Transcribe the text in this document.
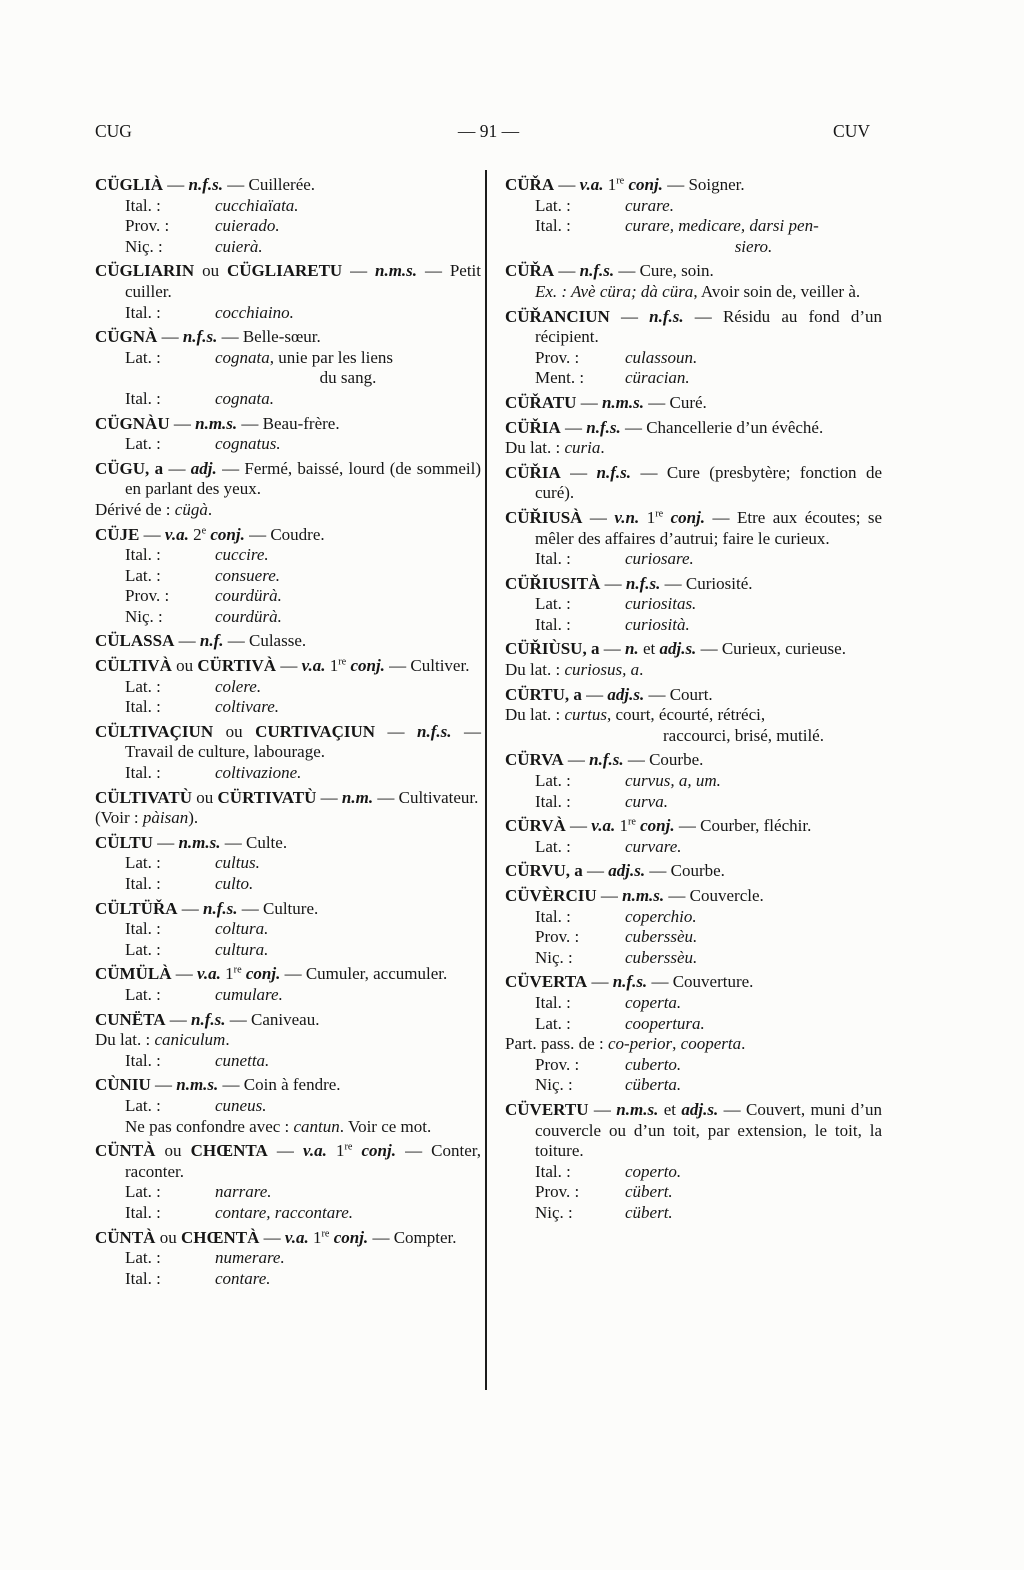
CUG	— 91 —	CUV

CÜGLIÀ — n.f.s. — Cuillerée.

Ital. :	cucchiaïata.
Prov. :	cuierado.
Niç. :	cuierà.

CÜGLIARIN ou CÜGLIARETU — n.m.s. — Petit cuiller.

Ital. :	cocchiaino.

CÜGNÀ — n.f.s. — Belle-sœur.

Lat. :	cognata, unie par les liens
du sang.
Ital. :	cognata.

CÜGNÀU — n.m.s. — Beau-frère.

Lat. :	cognatus.

CÜGU, a — adj. — Fermé, baissé, lourd (de sommeil) en parlant des yeux.

Dérivé de : cügà.

CÜJE — v.a. 2e conj. — Coudre.

Ital. :	cuccire.
Lat. :	consuere.
Prov. :	courdürà.
Niç. :	courdürà.

CÜLASSA — n.f. — Culasse.

CÜLTIVÀ ou CÜRTIVÀ — v.a. 1re conj. — Cultiver.

Lat. :	colere.
Ital. :	coltivare.

CÜLTIVAÇIUN ou CURTIVAÇIUN — n.f.s. — Travail de culture, labourage.

Ital. :	coltivazione.

CÜLTIVATÙ ou CÜRTIVATÙ — n.m. — Cultivateur.

(Voir : pàisan).

CÜLTU — n.m.s. — Culte.

Lat. :	cultus.
Ital. :	culto.

CÜLTÜŘA — n.f.s. — Culture.

Ital. :	coltura.
Lat. :	cultura.

CÜMÜLÀ — v.a. 1re conj. — Cumuler, accumuler.

Lat. :	cumulare.

CUNËTA — n.f.s. — Caniveau.

Du lat. : caniculum.

Ital. :	cunetta.

CÙNIU — n.m.s. — Coin à fendre.

Lat. :	cuneus.

Ne pas confondre avec : cantun. Voir ce mot.

CÜNTÀ ou CHŒNTA — v.a. 1re conj. — Conter, raconter.

Lat. :	narrare.
Ital. :	contare, raccontare.

CÜNTÀ ou CHŒNTÀ — v.a. 1re conj. — Compter.

Lat. :	numerare.
Ital. :	contare.

CÜŘA — v.a. 1re conj. — Soigner.

Lat. :	curare.
Ital. :	curare, medicare, darsi pen-
siero.

CÜŘA — n.f.s. — Cure, soin.

Ex. : Avè cüra; dà cüra, Avoir soin de, veiller à.

CÜŘANCIUN — n.f.s. — Résidu au fond d’un récipient.

Prov. :	culassoun.
Ment. :	cüracian.

CÜŘATU — n.m.s. — Curé.

CÜŘIA — n.f.s. — Chancellerie d’un évêché.

Du lat. : curia.

CÜŘIA — n.f.s. — Cure (presbytère; fonction de curé).

CÜŘIUSÀ — v.n. 1re conj. — Etre aux écoutes; se mêler des affaires d’autrui; faire le curieux.

Ital. :	curiosare.

CÜŘIUSITÀ — n.f.s. — Curiosité.

Lat. :	curiositas.
Ital. :	curiosità.

CÜŘIÙSU, a — n. et adj.s. — Curieux, curieuse.

Du lat. : curiosus, a.

CÜRTU, a — adj.s. — Court.

Du lat. : curtus, court, écourté, rétréci,

raccourci, brisé, mutilé.

CÜRVA — n.f.s. — Courbe.

Lat. :	curvus, a, um.
Ital. :	curva.

CÜRVÀ — v.a. 1re conj. — Courber, fléchir.

Lat. :	curvare.

CÜRVU, a — adj.s. — Courbe.

CÜVÈRCIU — n.m.s. — Couvercle.

Ital. :	coperchio.
Prov. :	cuberssèu.
Niç. :	cuberssèu.

CÜVERTA — n.f.s. — Couverture.

Ital. :	coperta.
Lat. :	coopertura.

Part. pass. de : co-perior, cooperta.

Prov. :	cuberto.
Niç. :	cüberta.

CÜVERTU — n.m.s. et adj.s. — Couvert, muni d’un couvercle ou d’un toit, par extension, le toit, la toiture.

Ital. :	coperto.
Prov. :	cübert.
Niç. :	cübert.
